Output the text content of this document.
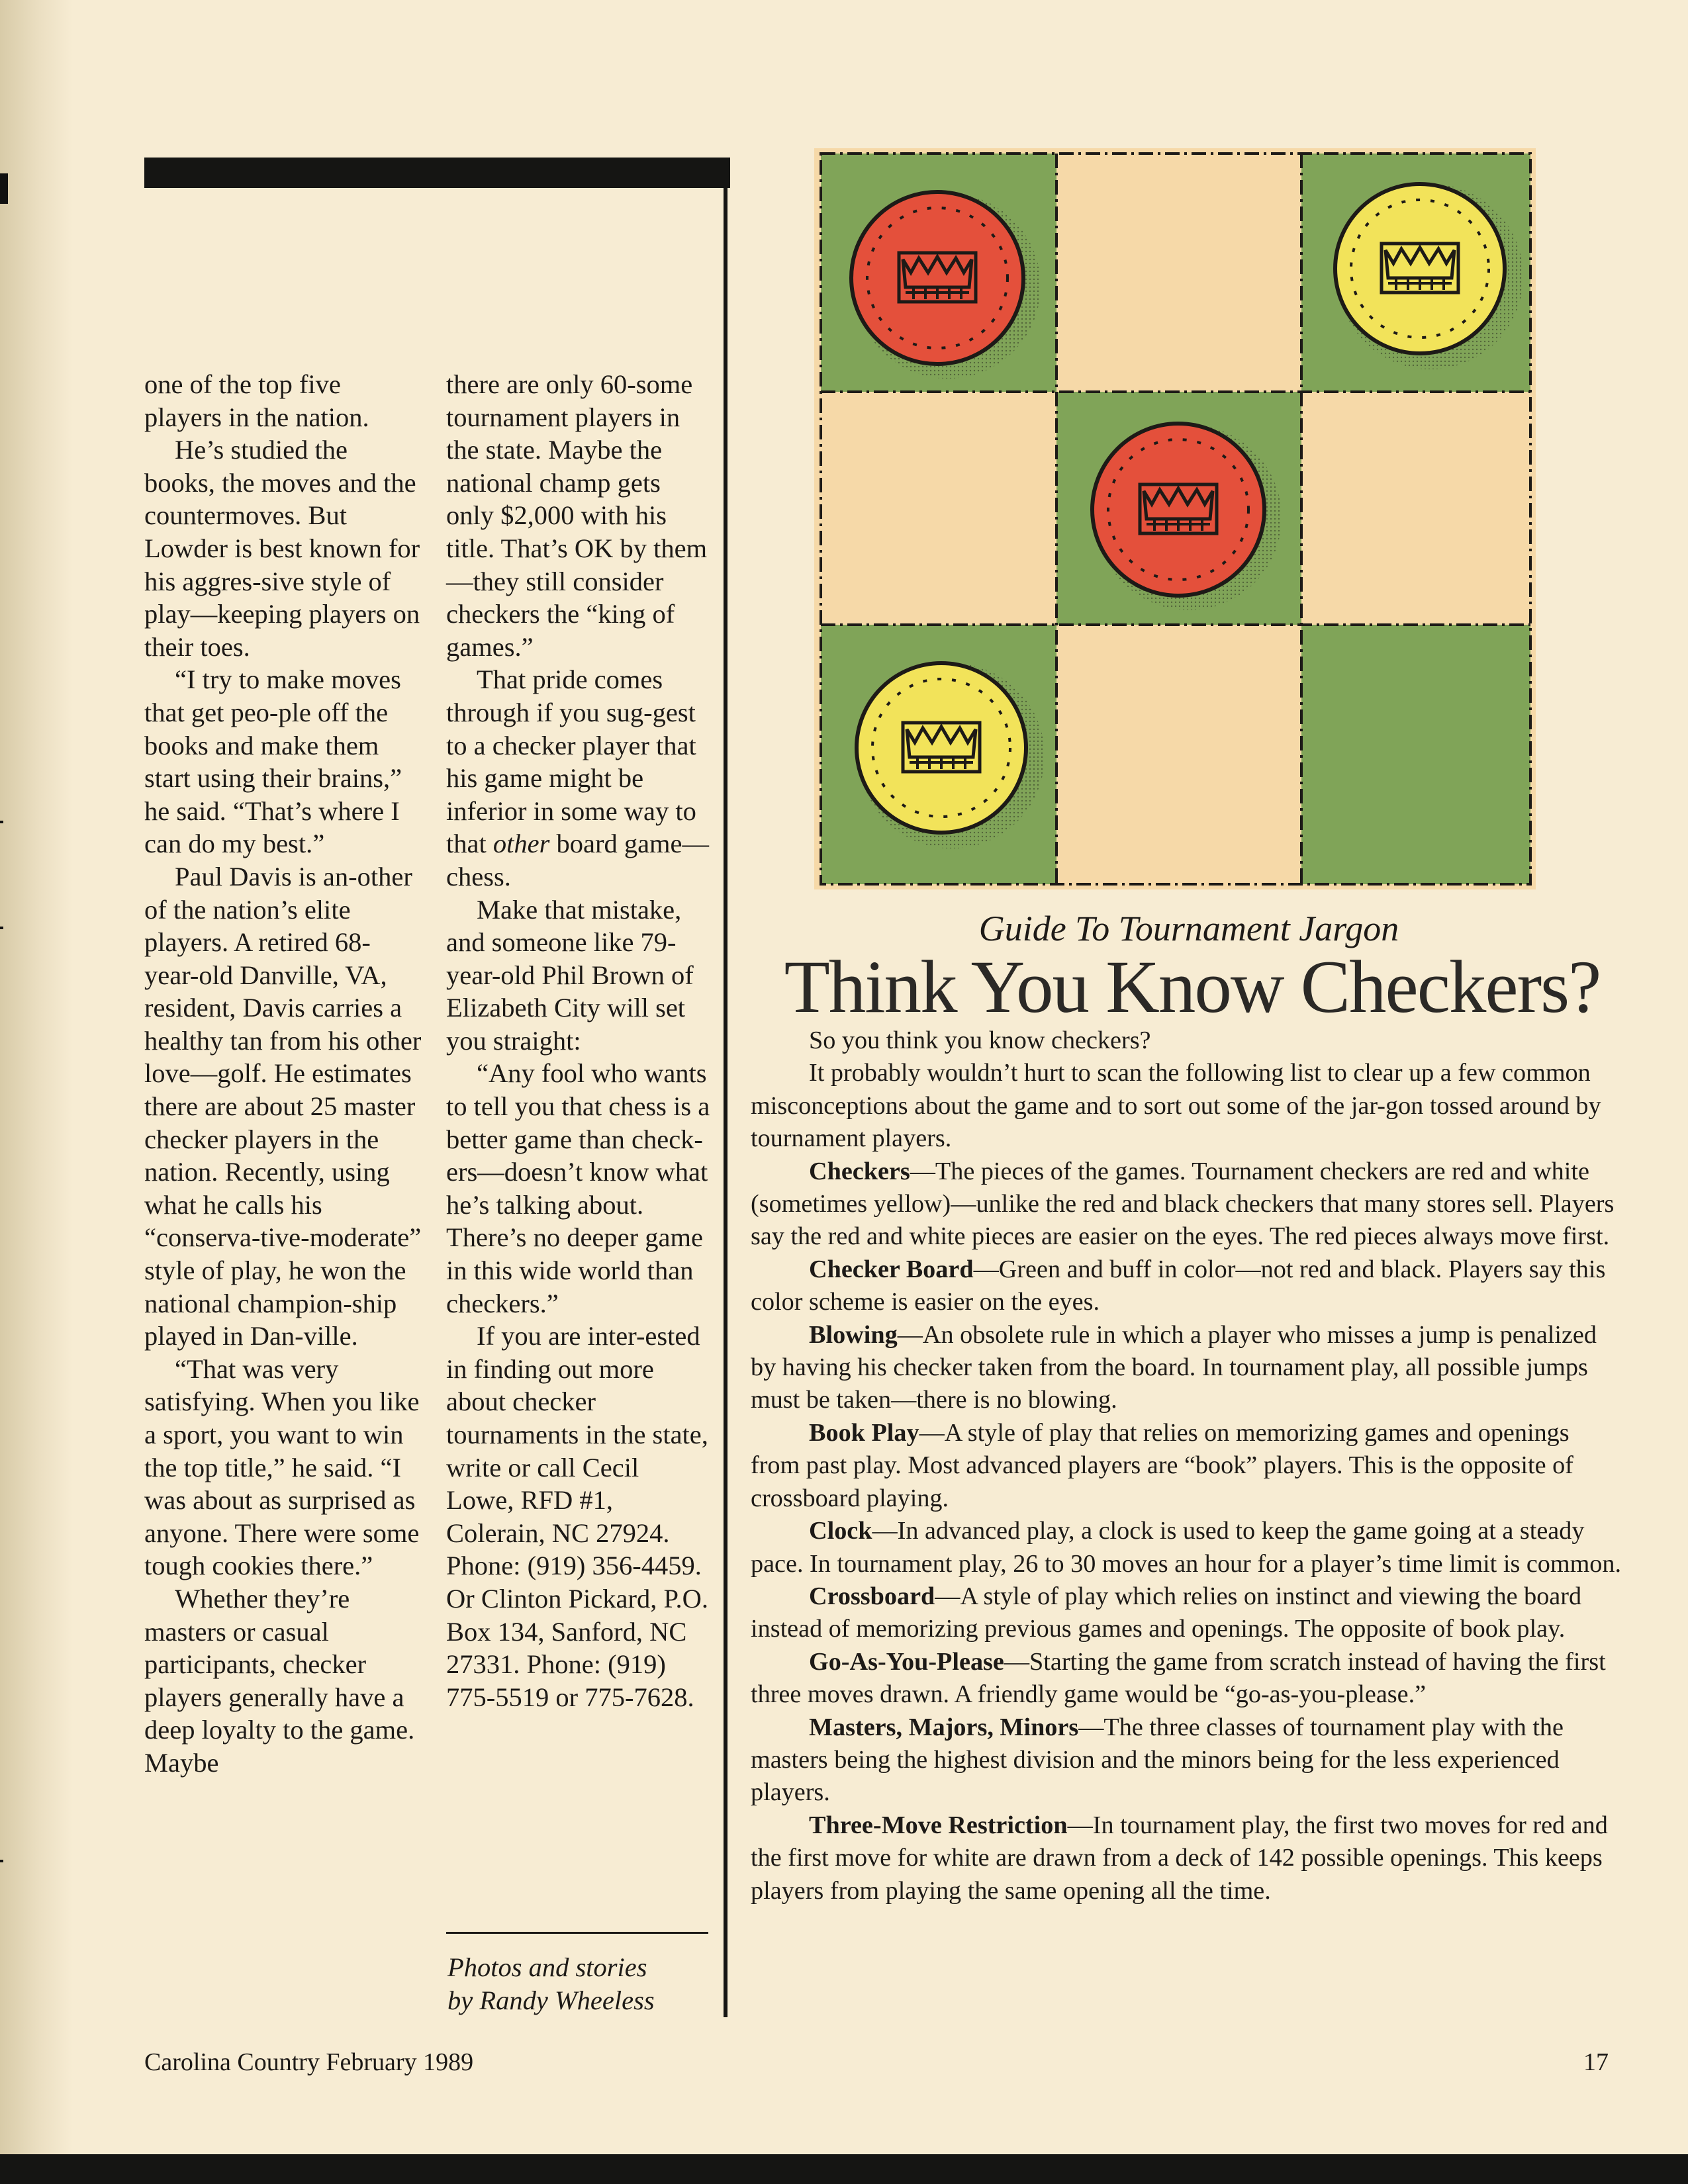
one of the top five players in the nation.

He’s studied the books, the moves and the countermoves. But Lowder is best known for his aggres-sive style of play—keeping players on their toes.

“I try to make moves that get peo-ple off the books and make them start using their brains,” he said. “That’s where I can do my best.”

Paul Davis is an-other of the nation’s elite players. A retired 68-year-old Danville, VA, resident, Davis carries a healthy tan from his other love—golf. He estimates there are about 25 master checker players in the nation. Recently, using what he calls his “conserva-tive-moderate” style of play, he won the national champion-ship played in Dan-ville.

“That was very satisfying. When you like a sport, you want to win the top title,” he said. “I was about as surprised as anyone. There were some tough cookies there.”

Whether they’re masters or casual participants, checker players generally have a deep loyalty to the game. Maybe

there are only 60-some tournament players in the state. Maybe the national champ gets only $2,000 with his title. That’s OK by them—they still consider checkers the “king of games.”

That pride comes through if you sug-gest to a checker player that his game might be inferior in some way to that other board game—chess.

Make that mistake, and someone like 79-year-old Phil Brown of Elizabeth City will set you straight:

“Any fool who wants to tell you that chess is a better game than check-ers—doesn’t know what he’s talking about. There’s no deeper game in this wide world than checkers.”

If you are inter-ested in finding out more about checker tournaments in the state, write or call Cecil Lowe, RFD #1, Colerain, NC 27924. Phone: (919) 356-4459. Or Clinton Pickard, P.O. Box 134, Sanford, NC 27331. Phone: (919) 775-5519 or 775-7628.

Photos and stories
by Randy Wheeless
Guide To Tournament Jargon
Think You Know Checkers?

So you think you know checkers?

It probably wouldn’t hurt to scan the following list to clear up a few common misconceptions about the game and to sort out some of the jar-gon tossed around by tournament players.

Checkers—The pieces of the games. Tournament checkers are red and white (sometimes yellow)—unlike the red and black checkers that many stores sell. Players say the red and white pieces are easier on the eyes. The red pieces always move first.

Checker Board—Green and buff in color—not red and black. Players say this color scheme is easier on the eyes.

Blowing—An obsolete rule in which a player who misses a jump is penalized by having his checker taken from the board. In tournament play, all possible jumps must be taken—there is no blowing.

Book Play—A style of play that relies on memorizing games and openings from past play. Most advanced players are “book” players. This is the opposite of crossboard playing.

Clock—In advanced play, a clock is used to keep the game going at a steady pace. In tournament play, 26 to 30 moves an hour for a player’s time limit is common.

Crossboard—A style of play which relies on instinct and viewing the board instead of memorizing previous games and openings. The opposite of book play.

Go-As-You-Please—Starting the game from scratch instead of having the first three moves drawn. A friendly game would be “go-as-you-please.”

Masters, Majors, Minors—The three classes of tournament play with the masters being the highest division and the minors being for the less experienced players.

Three-Move Restriction—In tournament play, the first two moves for red and the first move for white are drawn from a deck of 142 possible openings. This keeps players from playing the same opening all the time.

Carolina Country February 1989	17
